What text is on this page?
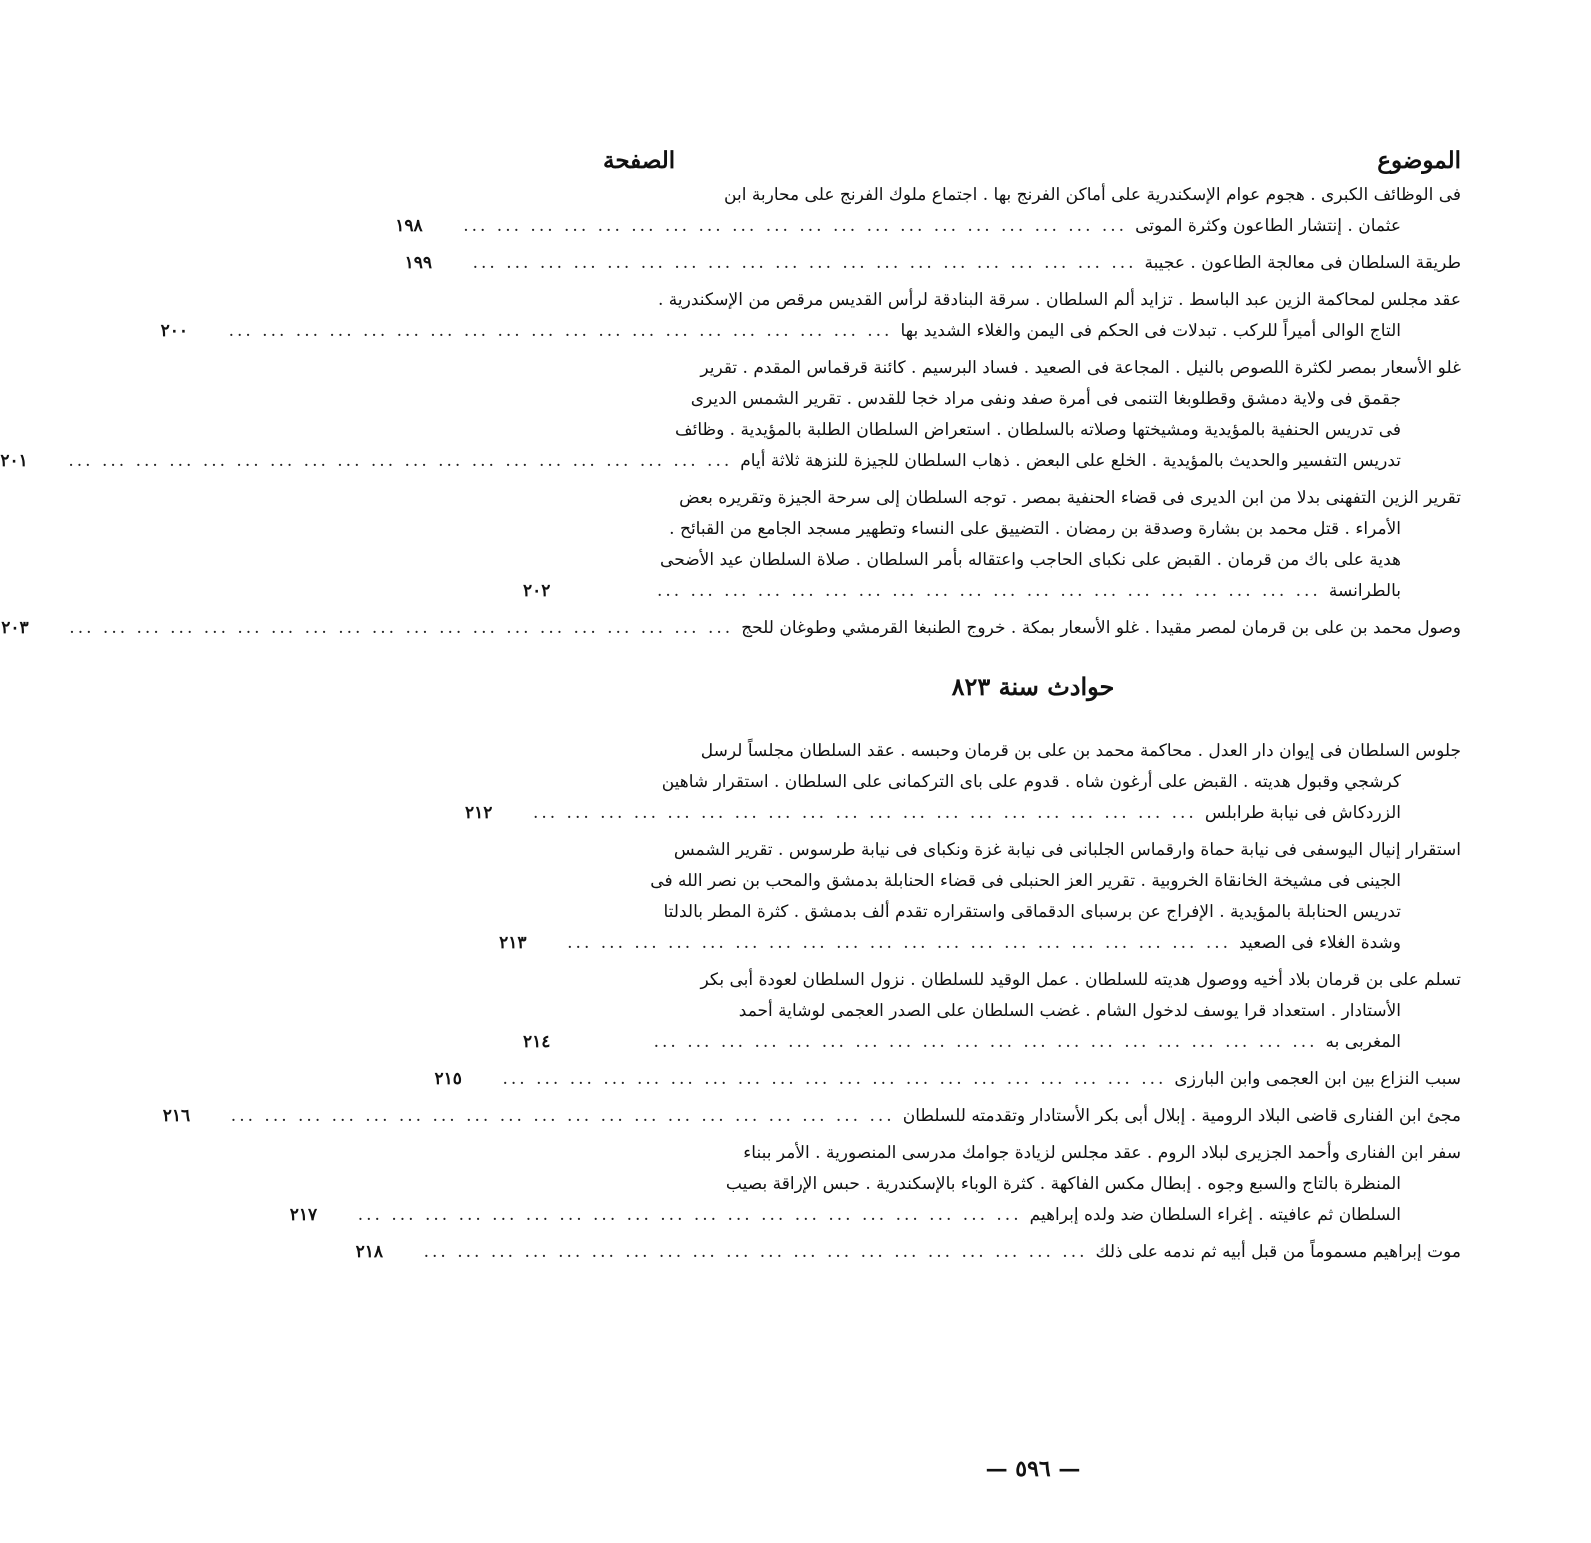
الموضوع
الصفحة
فى الوظائف الكبرى . هجوم عوام الإسكندرية على أماكن الفرنج بها . اجتماع ملوك الفرنج على محاربة ابن
عثمان . إنتشار الطاعون وكثرة الموتى
... ... ... ... ... ... ... ... ... ... ... ... ... ... ... ... ... ... ... ...
١٩٨
طريقة السلطان فى معالجة الطاعون . عجيبة
... ... ... ... ... ... ... ... ... ... ... ... ... ... ... ... ... ... ... ...
١٩٩
عقد مجلس لمحاكمة الزين عبد الباسط . تزايد ألم السلطان . سرقة البنادقة لرأس القديس مرقص من الإسكندرية .
التاج الوالى أميراً للركب . تبدلات فى الحكم فى اليمن والغلاء الشديد بها
... ... ... ... ... ... ... ... ... ... ... ... ... ... ... ... ... ... ... ...
٢٠٠
غلو الأسعار بمصر لكثرة اللصوص بالنيل . المجاعة فى الصعيد . فساد البرسيم . كائنة قرقماس المقدم . تقرير
جقمق فى ولاية دمشق وقطلوبغا التنمى فى أمرة صفد ونفى مراد خجا للقدس . تقرير الشمس الديرى
فى تدريس الحنفية بالمؤيدية ومشيختها وصلاته بالسلطان . استعراض السلطان الطلبة بالمؤيدية . وظائف
تدريس التفسير والحديث بالمؤيدية . الخلع على البعض . ذهاب السلطان للجيزة للنزهة ثلاثة أيام
... ... ... ... ... ... ... ... ... ... ... ... ... ... ... ... ... ... ... ...
٢٠١
تقرير الزين التفهنى بدلا من ابن الديرى فى قضاء الحنفية بمصر . توجه السلطان إلى سرحة الجيزة وتقريره بعض
الأمراء . قتل محمد بن بشارة وصدقة بن رمضان . التضييق على النساء وتطهير مسجد الجامع من القبائح .
هدية على باك من قرمان . القبض على نكباى الحاجب واعتقاله بأمر السلطان . صلاة السلطان عيد الأضحى
بالطرانسة
... ... ... ... ... ... ... ... ... ... ... ... ... ... ... ... ... ... ... ...
٢٠٢
وصول محمد بن على بن قرمان لمصر مقيدا . غلو الأسعار بمكة . خروج الطنبغا القرمشي وطوغان للحج
... ... ... ... ... ... ... ... ... ... ... ... ... ... ... ... ... ... ... ...
٢٠٣
حوادث سنة ٨٢٣
جلوس السلطان فى إيوان دار العدل . محاكمة محمد بن على بن قرمان وحبسه . عقد السلطان مجلساً لرسل
كرشجي وقبول هديته . القبض على أرغون شاه . قدوم على باى التركمانى على السلطان . استقرار شاهين
الزردكاش فى نيابة طرابلس
... ... ... ... ... ... ... ... ... ... ... ... ... ... ... ... ... ... ... ...
٢١٢
استقرار إنيال اليوسفى فى نيابة حماة وارقماس الجلبانى فى نيابة غزة ونكباى فى نيابة طرسوس . تقرير الشمس
الجينى فى مشيخة الخانقاة الخروبية . تقرير العز الحنبلى فى قضاء الحنابلة بدمشق والمحب بن نصر الله فى
تدريس الحنابلة بالمؤيدية . الإفراج عن برسباى الدقماقى واستقراره تقدم ألف بدمشق . كثرة المطر بالدلتا
وشدة الغلاء فى الصعيد
... ... ... ... ... ... ... ... ... ... ... ... ... ... ... ... ... ... ... ...
٢١٣
تسلم على بن قرمان بلاد أخيه ووصول هديته للسلطان . عمل الوقيد للسلطان . نزول السلطان لعودة أبى بكر
الأستادار . استعداد قرا يوسف لدخول الشام . غضب السلطان على الصدر العجمى لوشاية أحمد
المغربى به
... ... ... ... ... ... ... ... ... ... ... ... ... ... ... ... ... ... ... ...
٢١٤
سبب النزاع بين ابن العجمى وابن البارزى
... ... ... ... ... ... ... ... ... ... ... ... ... ... ... ... ... ... ... ...
٢١٥
مجئ ابن الفنارى قاضى البلاد الرومية . إبلال أبى بكر الأستادار وتقدمته للسلطان
... ... ... ... ... ... ... ... ... ... ... ... ... ... ... ... ... ... ... ...
٢١٦
سفر ابن الفنارى وأحمد الجزيرى لبلاد الروم . عقد مجلس لزيادة جوامك مدرسى المنصورية . الأمر ببناء
المنظرة بالتاج والسبع وجوه . إبطال مكس الفاكهة . كثرة الوباء بالإسكندرية . حبس الإراقة بصيب
السلطان ثم عافيته . إغراء السلطان ضد ولده إبراهيم
... ... ... ... ... ... ... ... ... ... ... ... ... ... ... ... ... ... ... ...
٢١٧
موت إبراهيم مسموماً من قبل أبيه ثم ندمه على ذلك
... ... ... ... ... ... ... ... ... ... ... ... ... ... ... ... ... ... ... ...
٢١٨
— ٥٩٦ —
